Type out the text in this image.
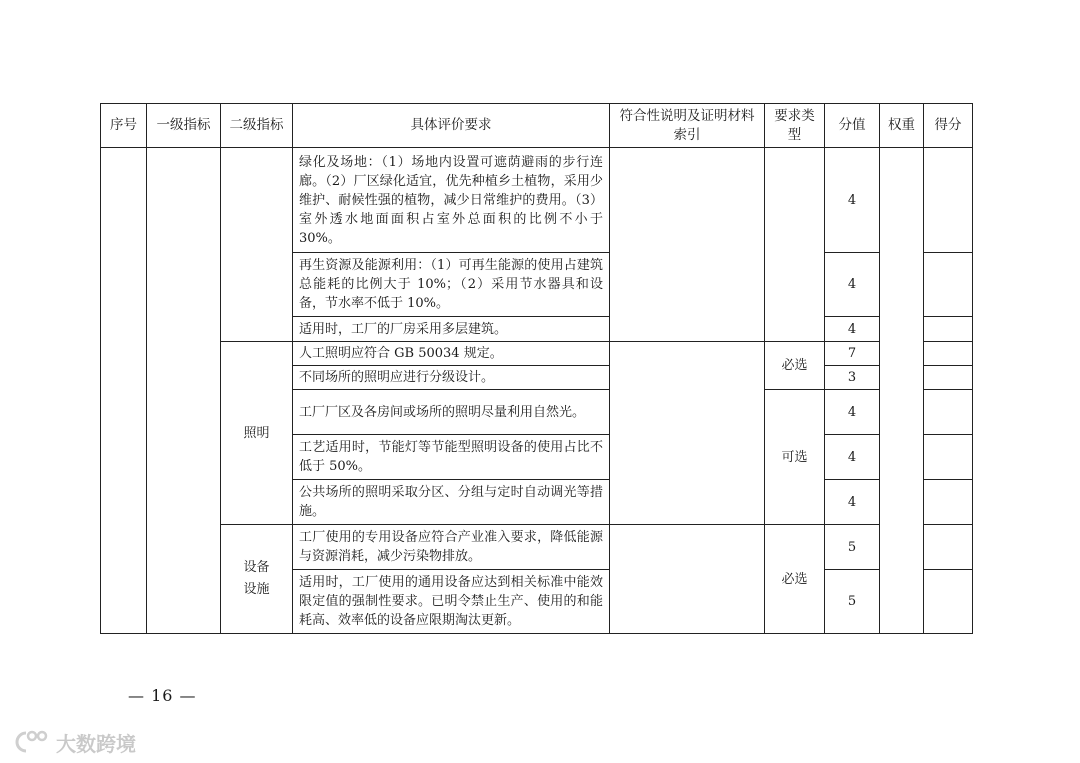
序号	一级指标	二级指标	具体评价要求	符合性说明及证明材料索引	要求类型	分值	权重	得分
			绿化及场地：（1）场地内设置可遮荫避雨的步行连廊。（2）厂区绿化适宜，优先种植乡土植物，采用少维护、耐候性强的植物，减少日常维护的费用。（3）室外透水地面面积占室外总面积的比例不小于 30%。			4		
			再生资源及能源利用：（1）可再生能源的使用占建筑总能耗的比例大于 10%；（2）采用节水器具和设备，节水率不低于 10%。			4		
			适用时，工厂的厂房采用多层建筑。			4		
		照明	人工照明应符合 GB 50034 规定。		必选	7		
			不同场所的照明应进行分级设计。			3		
			工厂厂区及各房间或场所的照明尽量利用自然光。		可选	4		
			工艺适用时，节能灯等节能型照明设备的使用占比不低于 50%。			4		
			公共场所的照明采取分区、分组与定时自动调光等措施。			4		

		设备设施	工厂使用的专用设备应符合产业准入要求，降低能源与资源消耗，减少污染物排放。		必选	5		
			适用时，工厂使用的通用设备应达到相关标准中能效限定值的强制性要求。已明令禁止生产、使用的和能耗高、效率低的设备应限期淘汰更新。			5		
— 16 —
大数跨境
